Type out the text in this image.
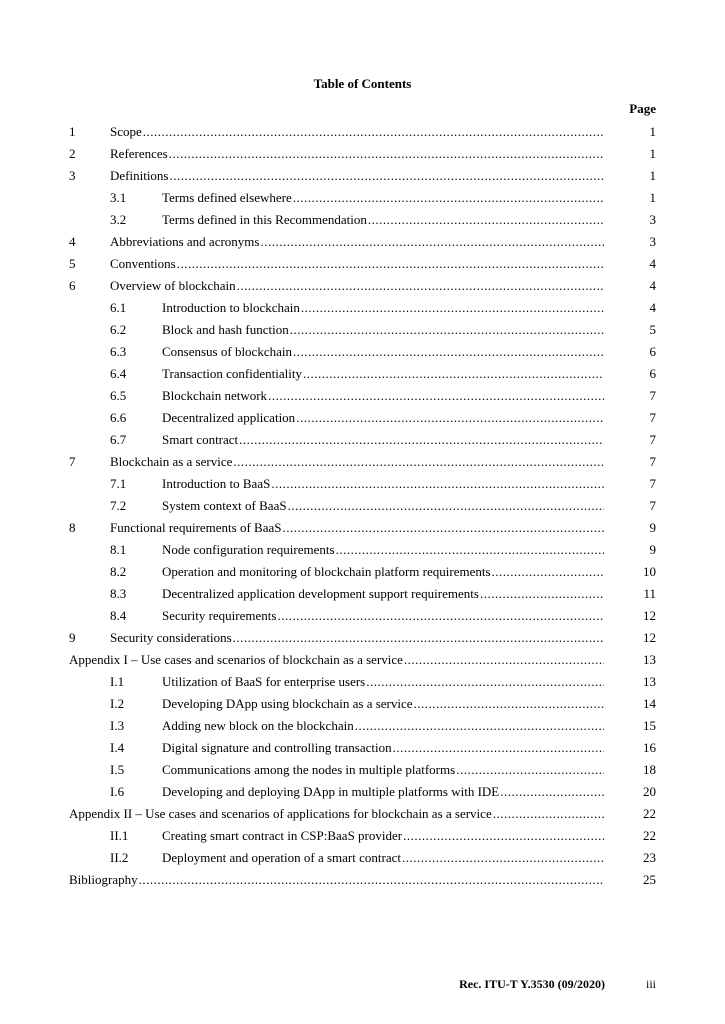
Table of Contents
Page
1	Scope .....	1
2	References .....	1
3	Definitions .....	1
3.1	Terms defined elsewhere .....	1
3.2	Terms defined in this Recommendation .....	3
4	Abbreviations and acronyms .....	3
5	Conventions .....	4
6	Overview of blockchain .....	4
6.1	Introduction to blockchain .....	4
6.2	Block and hash function .....	5
6.3	Consensus of blockchain .....	6
6.4	Transaction confidentiality .....	6
6.5	Blockchain network .....	7
6.6	Decentralized application .....	7
6.7	Smart contract .....	7
7	Blockchain as a service .....	7
7.1	Introduction to BaaS .....	7
7.2	System context of BaaS .....	7
8	Functional requirements of BaaS .....	9
8.1	Node configuration requirements .....	9
8.2	Operation and monitoring of blockchain platform requirements .....	10
8.3	Decentralized application development support requirements .....	11
8.4	Security requirements .....	12
9	Security considerations .....	12
Appendix I – Use cases and scenarios of blockchain as a service .....	13
I.1	Utilization of BaaS for enterprise users .....	13
I.2	Developing DApp using blockchain as a service .....	14
I.3	Adding new block on the blockchain .....	15
I.4	Digital signature and controlling transaction .....	16
I.5	Communications among the nodes in multiple platforms .....	18
I.6	Developing and deploying DApp in multiple platforms with IDE .....	20
Appendix II – Use cases and scenarios of applications for blockchain as a service .....	22
II.1	Creating smart contract in CSP:BaaS provider .....	22
II.2	Deployment and operation of a smart contract .....	23
Bibliography .....	25
Rec. ITU-T Y.3530 (09/2020)	iii
